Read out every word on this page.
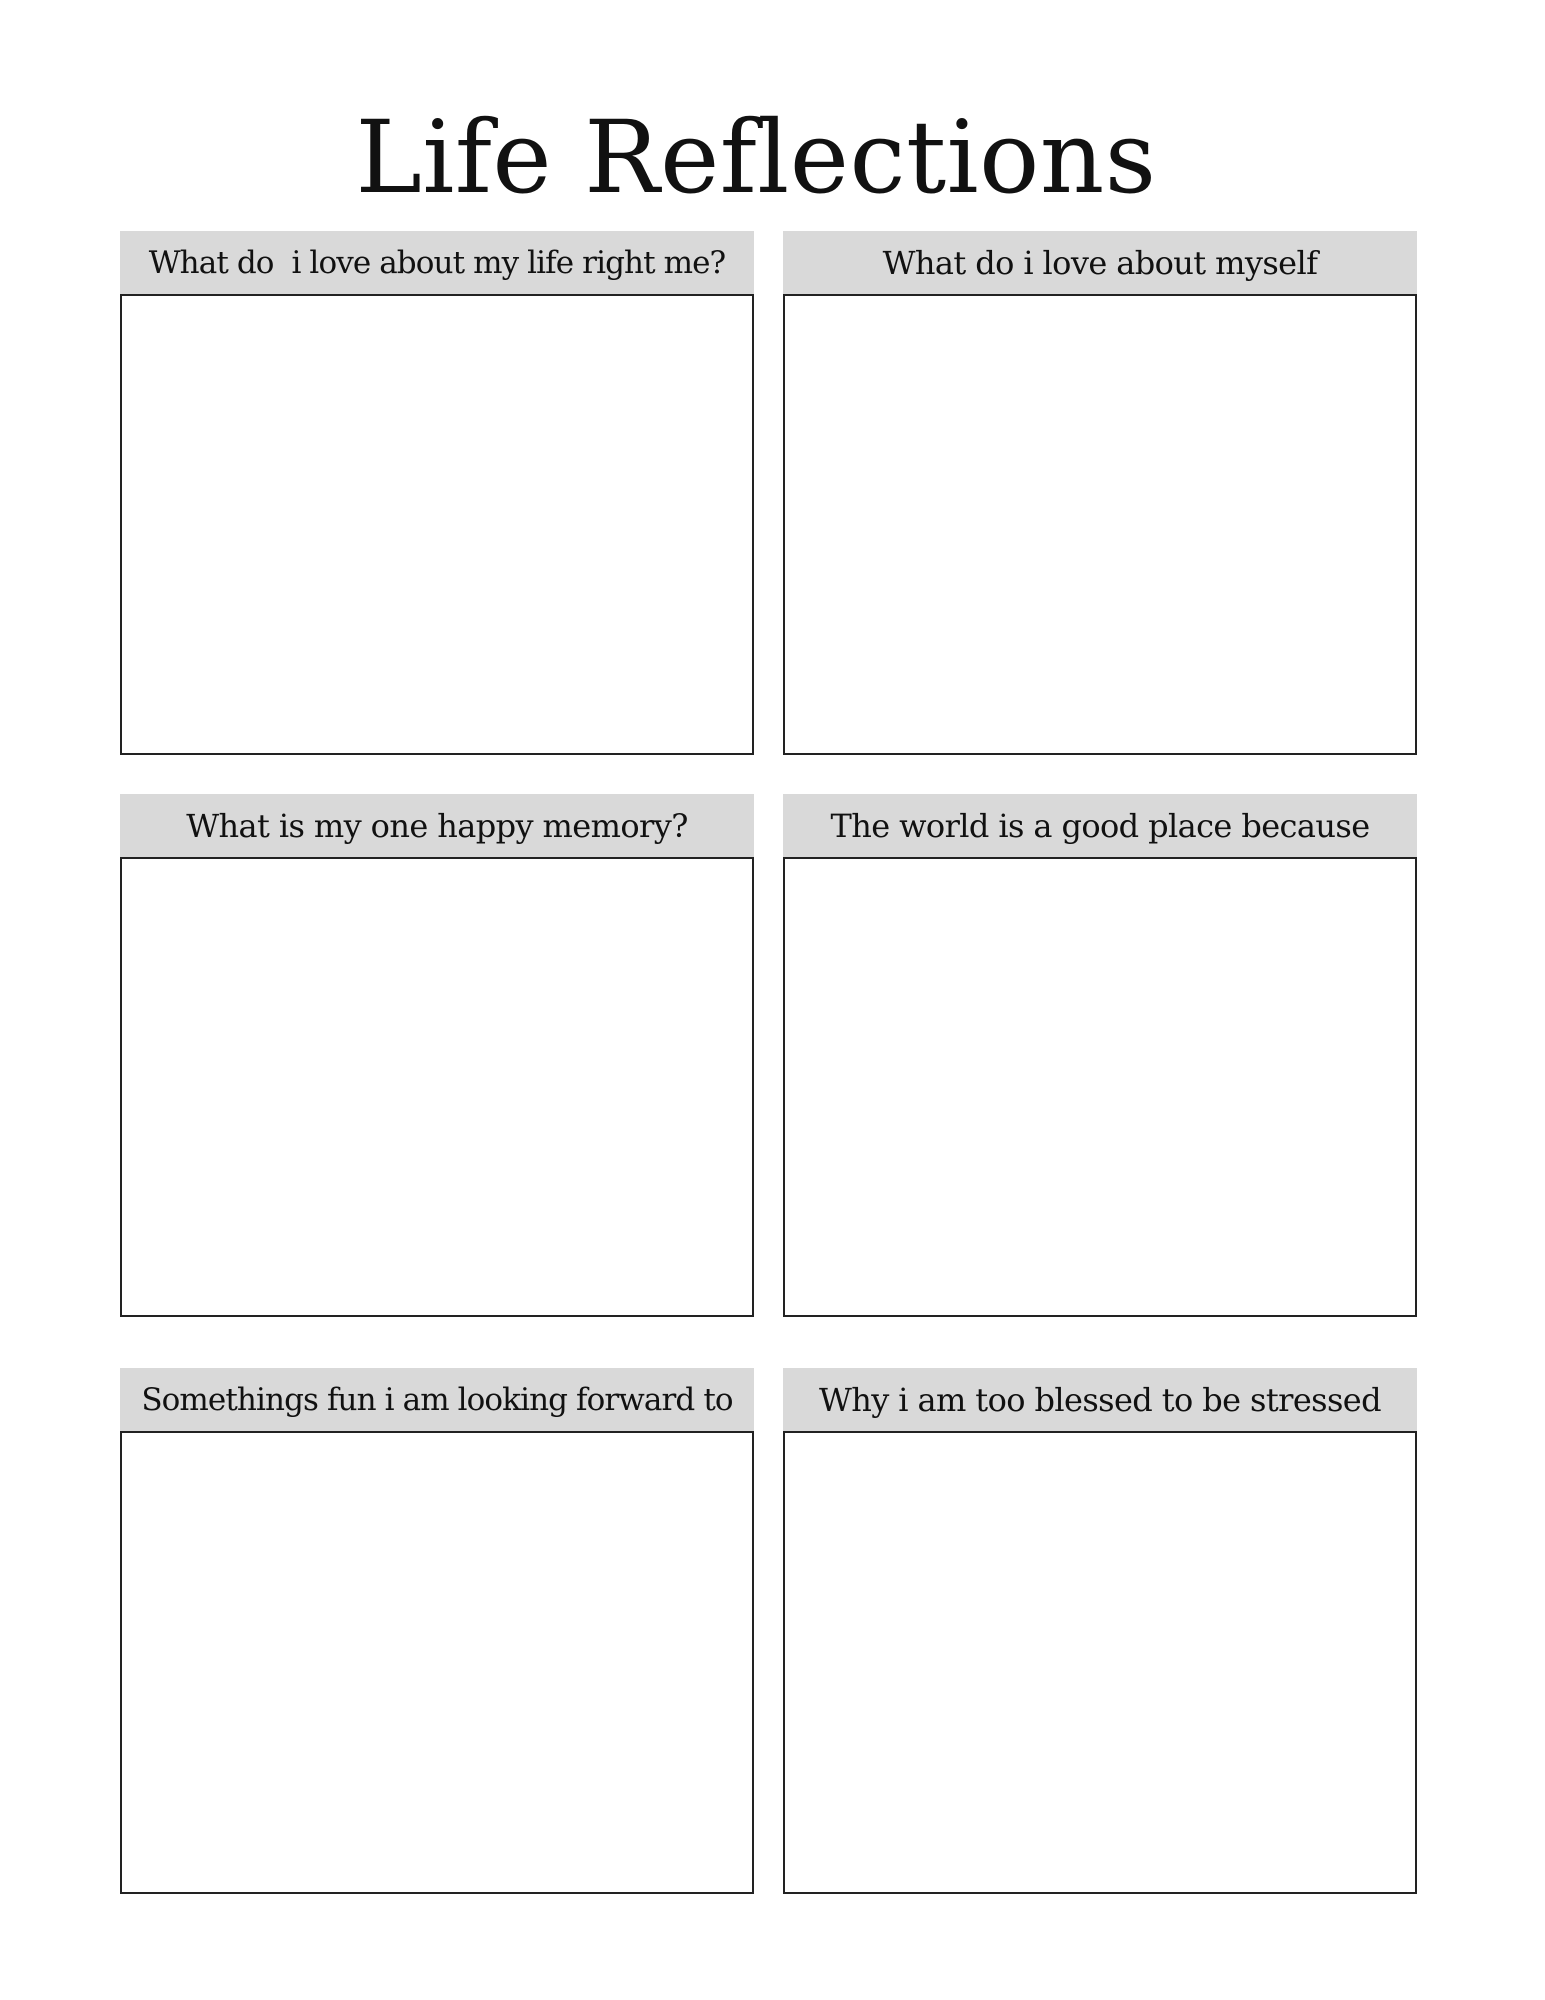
Life Reflections
What do  i love about my life right me?	What do i love about myself
What is my one happy memory?	The world is a good place because
Somethings fun i am looking forward to	Why i am too blessed to be stressed
